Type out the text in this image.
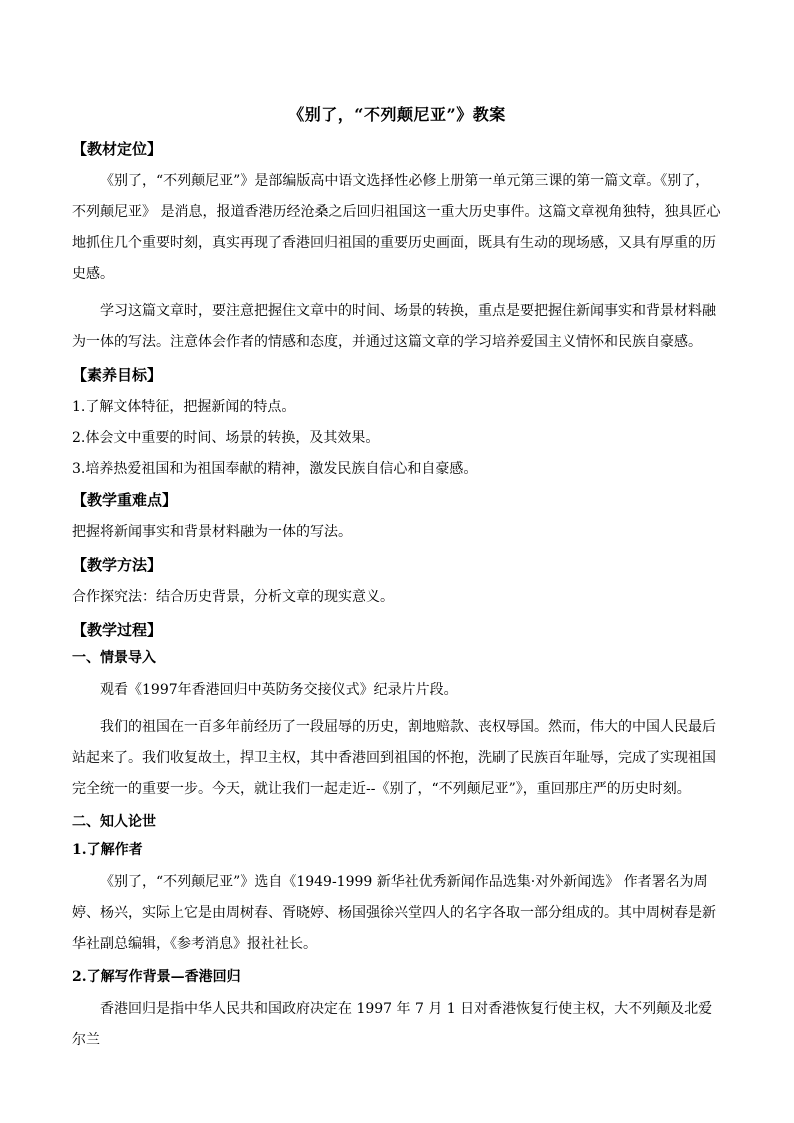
《别了，“不列颠尼亚”》教案
【教材定位】

《别了，“不列颠尼亚”》是部编版高中语文选择性必修上册第一单元第三课的第一篇文章。《别了，不列颠尼亚》 是消息，报道香港历经沧桑之后回归祖国这一重大历史事件。这篇文章视角独特，独具匠心地抓住几个重要时刻，真实再现了香港回归祖国的重要历史画面，既具有生动的现场感，又具有厚重的历史感。

学习这篇文章时，要注意把握住文章中的时间、场景的转换，重点是要把握住新闻事实和背景材料融为一体的写法。注意体会作者的情感和态度，并通过这篇文章的学习培养爱国主义情怀和民族自豪感。

【素养目标】
1.了解文体特征，把握新闻的特点。
2.体会文中重要的时间、场景的转换，及其效果。
3.培养热爱祖国和为祖国奉献的精神，激发民族自信心和自豪感。
【教学重难点】

把握将新闻事实和背景材料融为一体的写法。

【教学方法】

合作探究法：结合历史背景，分析文章的现实意义。

【教学过程】
一、情景导入

观看《1997年香港回归中英防务交接仪式》纪录片片段。

我们的祖国在一百多年前经历了一段屈辱的历史，割地赔款、丧权辱国。然而，伟大的中国人民最后站起来了。我们收复故土，捍卫主权，其中香港回到祖国的怀抱，洗刷了民族百年耻辱，完成了实现祖国完全统一的重要一步。今天，就让我们一起走近--《别了，“不列颠尼亚”》，重回那庄严的历史时刻。

二、知人论世
1.了解作者

《别了，“不列颠尼亚”》选自《1949-1999 新华社优秀新闻作品选集·对外新闻选》 作者署名为周婷、杨兴，实际上它是由周树春、胥晓婷、杨国强徐兴堂四人的名字各取一部分组成的。其中周树春是新华社副总编辑，《参考消息》报社社长。

2.了解写作背景—香港回归

香港回归是指中华人民共和国政府决定在 1997 年 7 月 1 日对香港恢复行使主权，大不列颠及北爱尔兰
